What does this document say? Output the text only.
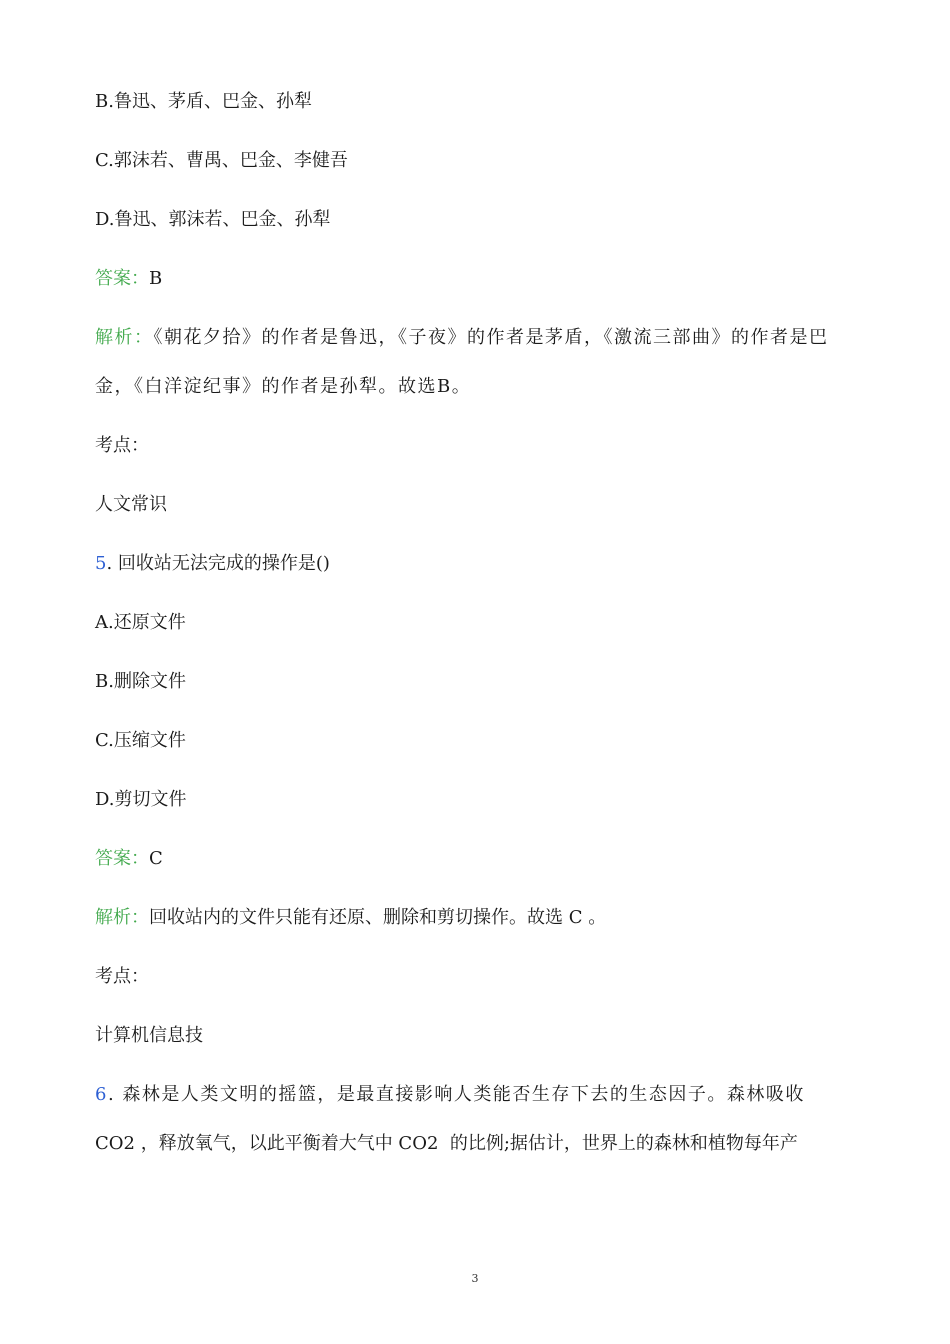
B.鲁迅、茅盾、巴金、孙犁
C.郭沫若、曹禺、巴金、李健吾
D.鲁迅、郭沫若、巴金、孙犁
答案：B
解析：《朝花夕拾》的作者是鲁迅，《子夜》的作者是茅盾，《激流三部曲》的作者是巴
金，《白洋淀纪事》的作者是孙犁。故选B。
考点：
人文常识
5. 回收站无法完成的操作是()
A.还原文件
B.删除文件
C.压缩文件
D.剪切文件
答案：C
解析：回收站内的文件只能有还原、删除和剪切操作。故选 C 。
考点：
计算机信息技
6. 森林是人类文明的摇篮，是最直接影响人类能否生存下去的生态因子。森林吸收
CO2 ，释放氧气，以此平衡着大气中 CO2  的比例;据估计，世界上的森林和植物每年产
3
